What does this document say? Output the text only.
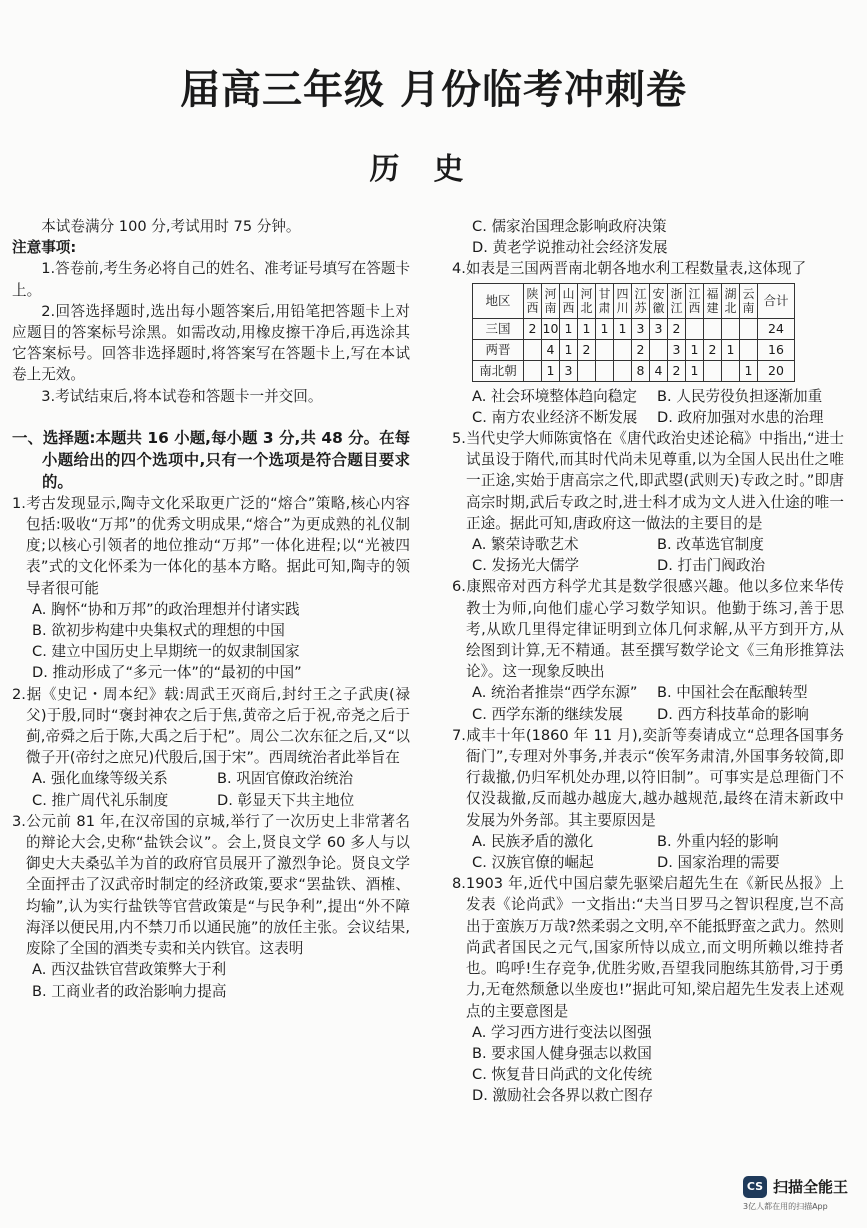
届高三年级 月份临考冲刺卷
历史

本试卷满分 100 分,考试用时 75 分钟。

注意事项:

1.答卷前,考生务必将自己的姓名、准考证号填写在答题卡上。

2.回答选择题时,选出每小题答案后,用铅笔把答题卡上对应题目的答案标号涂黑。如需改动,用橡皮擦干净后,再选涂其它答案标号。回答非选择题时,将答案写在答题卡上,写在本试卷上无效。

3.考试结束后,将本试卷和答题卡一并交回。

一、选择题:本题共 16 小题,每小题 3 分,共 48 分。在每小题给出的四个选项中,只有一个选项是符合题目要求的。

1.考古发现显示,陶寺文化采取更广泛的“熔合”策略,核心内容包括:吸收“万邦”的优秀文明成果,“熔合”为更成熟的礼仪制度;以核心引领者的地位推动“万邦”一体化进程;以“光被四表”式的文化怀柔为一体化的基本方略。据此可知,陶寺的领导者很可能

A. 胸怀“协和万邦”的政治理想并付诸实践

B. 欲初步构建中央集权式的理想的中国

C. 建立中国历史上早期统一的奴隶制国家

D. 推动形成了“多元一体”的“最初的中国”

2.据《史记・周本纪》载:周武王灭商后,封纣王之子武庚(禄父)于殷,同时“褒封神农之后于焦,黄帝之后于祝,帝尧之后于蓟,帝舜之后于陈,大禹之后于杞”。周公二次东征之后,又“以微子开(帝纣之庶兄)代殷后,国于宋”。西周统治者此举旨在

A. 强化血缘等级关系	B. 巩固官僚政治统治
C. 推广周代礼乐制度	D. 彰显天下共主地位

3.公元前 81 年,在汉帝国的京城,举行了一次历史上非常著名的辩论大会,史称“盐铁会议”。会上,贤良文学 60 多人与以御史大夫桑弘羊为首的政府官员展开了激烈争论。贤良文学全面抨击了汉武帝时制定的经济政策,要求“罢盐铁、酒榷、均输”,认为实行盐铁等官营政策是“与民争利”,提出“外不障海泽以便民用,内不禁刀币以通民施”的放任主张。会议结果,废除了全国的酒类专卖和关内铁官。这表明

A. 西汉盐铁官营政策弊大于利

B. 工商业者的政治影响力提高

C. 儒家治国理念影响政府决策

D. 黄老学说推动社会经济发展

4.如表是三国两晋南北朝各地水利工程数量表,这体现了

地区	陕西	河南	山西	河北	甘肃	四川	江苏	安徽	浙江	江西	福建	湖北	云南	合计
三国	2	10	1	1	1	1	3	3	2					24
两晋		4	1	2			2		3	1	2	1		16
南北朝		1	3				8	4	2	1			1	20
A. 社会环境整体趋向稳定	B. 人民劳役负担逐渐加重
C. 南方农业经济不断发展	D. 政府加强对水患的治理

5.当代史学大师陈寅恪在《唐代政治史述论稿》中指出,“进士试虽设于隋代,而其时代尚未见尊重,以为全国人民出仕之唯一正途,实始于唐高宗之代,即武曌(武则天)专政之时。”即唐高宗时期,武后专政之时,进士科才成为文人进入仕途的唯一正途。据此可知,唐政府这一做法的主要目的是

A. 繁荣诗歌艺术	B. 改革选官制度
C. 发扬光大儒学	D. 打击门阀政治

6.康熙帝对西方科学尤其是数学很感兴趣。他以多位来华传教士为师,向他们虚心学习数学知识。他勤于练习,善于思考,从欧几里得定律证明到立体几何求解,从平方到开方,从绘图到计算,无不精通。甚至撰写数学论文《三角形推算法论》。这一现象反映出

A. 统治者推崇“西学东源”	B. 中国社会在酝酿转型
C. 西学东渐的继续发展	D. 西方科技革命的影响

7.咸丰十年(1860 年 11 月),奕訢等奏请成立“总理各国事务衙门”,专理对外事务,并表示“俟军务肃清,外国事务较简,即行裁撤,仍归军机处办理,以符旧制”。可事实是总理衙门不仅没裁撤,反而越办越庞大,越办越规范,最终在清末新政中发展为外务部。其主要原因是

A. 民族矛盾的激化	B. 外重内轻的影响
C. 汉族官僚的崛起	D. 国家治理的需要

8.1903 年,近代中国启蒙先驱梁启超先生在《新民丛报》上发表《论尚武》一文指出:“夫当日罗马之智识程度,岂不高出于蛮族万万哉?然柔弱之文明,卒不能抵野蛮之武力。然则尚武者国民之元气,国家所恃以成立,而文明所赖以维持者也。呜呼!生存竞争,优胜劣败,吾望我同胞练其筋骨,习于勇力,无奄然颓惫以坐废也!”据此可知,梁启超先生发表上述观点的主要意图是

A. 学习西方进行变法以图强

B. 要求国人健身强志以救国

C. 恢复昔日尚武的文化传统

D. 激励社会各界以救亡图存

CS 扫描全能王
3亿人都在用的扫描App
